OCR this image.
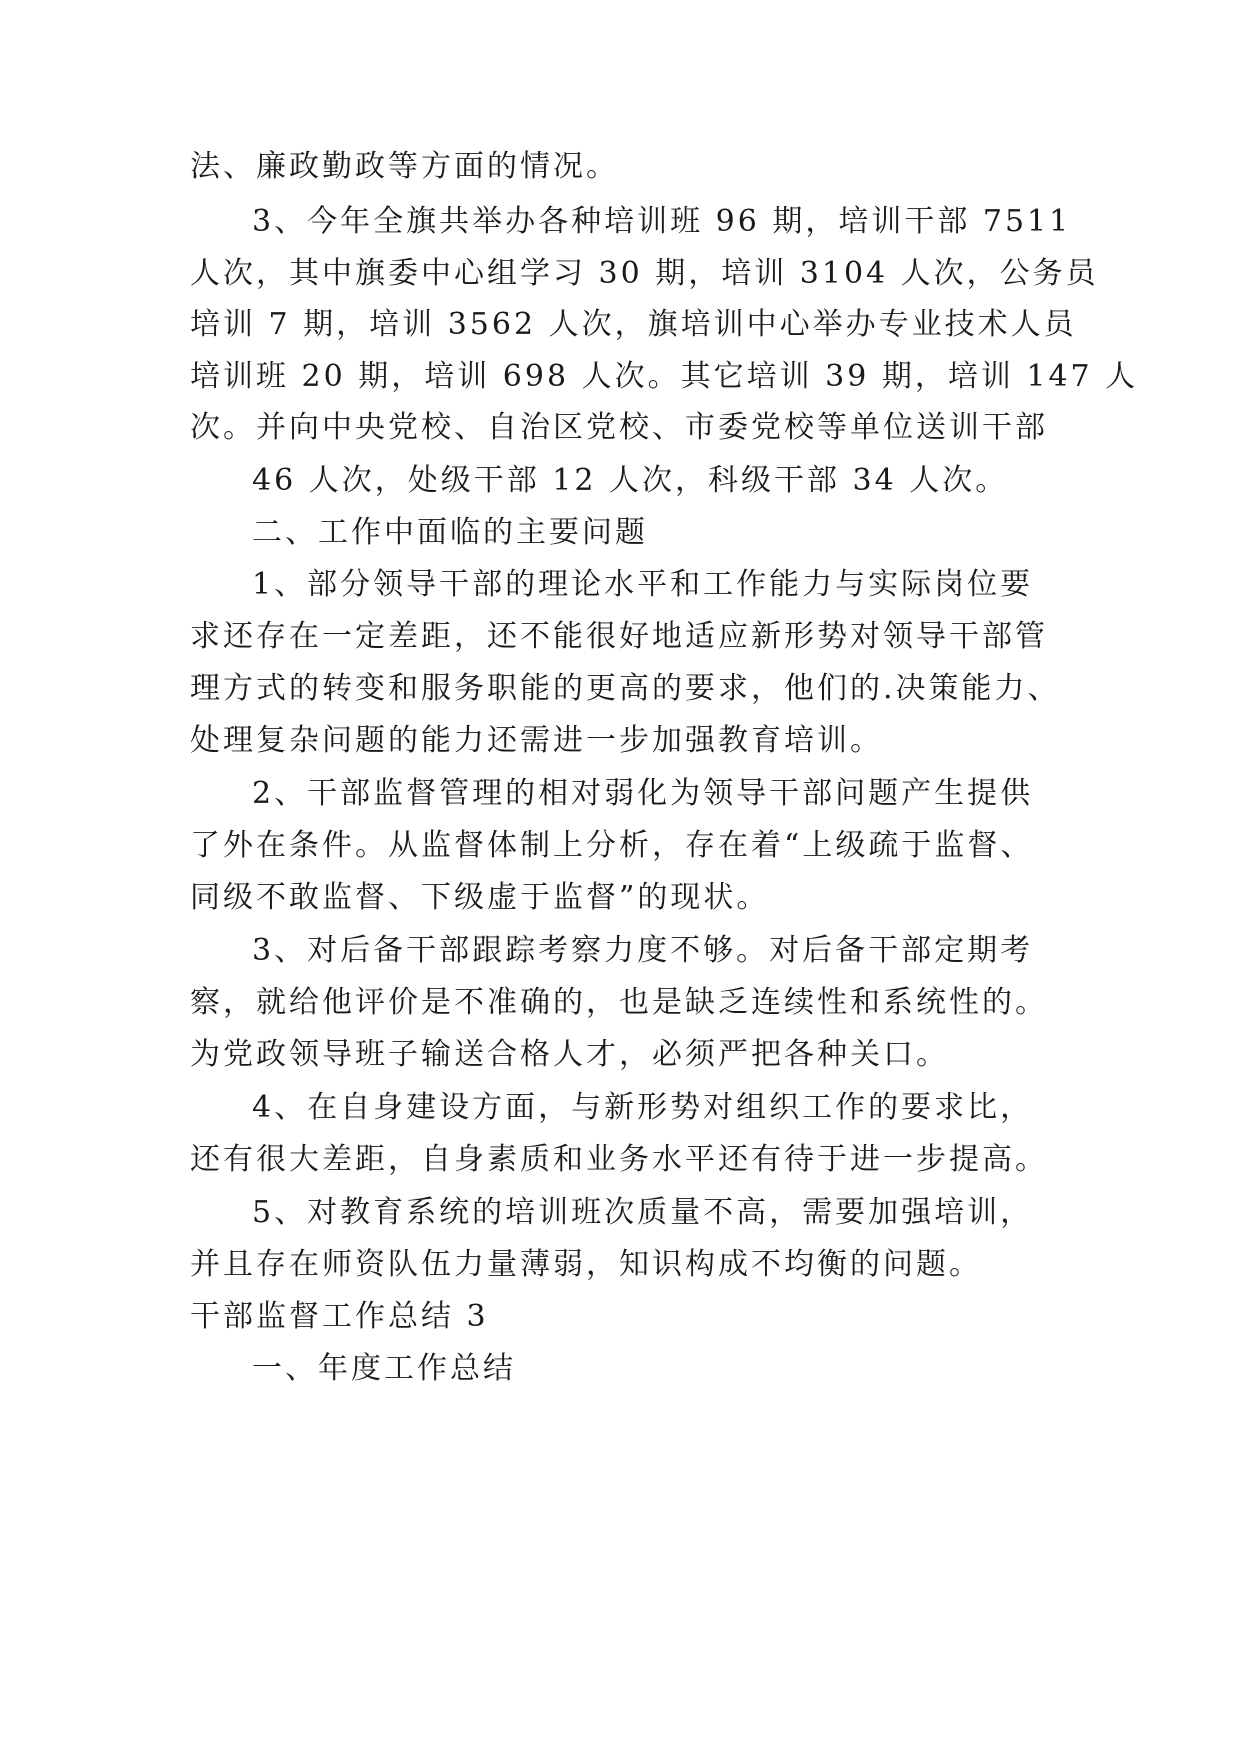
法、廉政勤政等方面的情况。
3、今年全旗共举办各种培训班 96 期，培训干部 7511
人次，其中旗委中心组学习 30 期，培训 3104 人次，公务员
培训 7 期，培训 3562 人次，旗培训中心举办专业技术人员
培训班 20 期，培训 698 人次。其它培训 39 期，培训 147 人
次。并向中央党校、自治区党校、市委党校等单位送训干部
46 人次，处级干部 12 人次，科级干部 34 人次。
二、工作中面临的主要问题
1、部分领导干部的理论水平和工作能力与实际岗位要
求还存在一定差距，还不能很好地适应新形势对领导干部管
理方式的转变和服务职能的更高的要求，他们的.决策能力、
处理复杂问题的能力还需进一步加强教育培训。
2、干部监督管理的相对弱化为领导干部问题产生提供
了外在条件。从监督体制上分析，存在着“上级疏于监督、
同级不敢监督、下级虚于监督”的现状。
3、对后备干部跟踪考察力度不够。对后备干部定期考
察，就给他评价是不准确的，也是缺乏连续性和系统性的。
为党政领导班子输送合格人才，必须严把各种关口。
4、在自身建设方面，与新形势对组织工作的要求比，
还有很大差距，自身素质和业务水平还有待于进一步提高。
5、对教育系统的培训班次质量不高，需要加强培训，
并且存在师资队伍力量薄弱，知识构成不均衡的问题。
干部监督工作总结 3
一、年度工作总结
